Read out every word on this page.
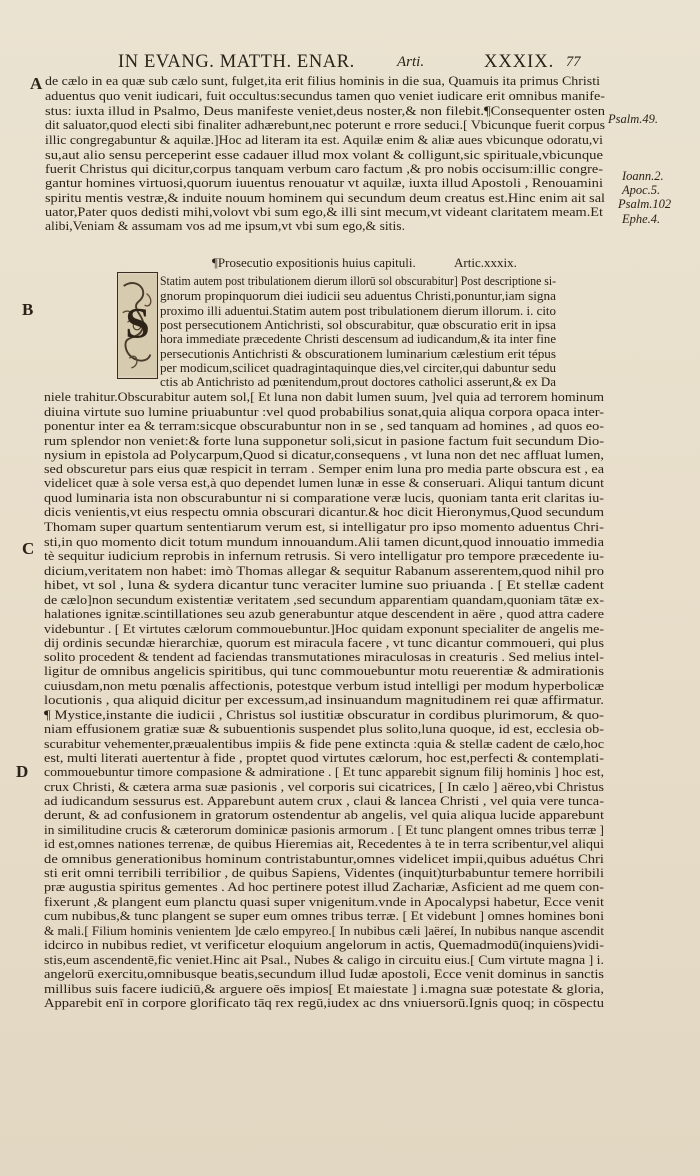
IN EVANG. MATTH. ENAR.	Arti.	XXXIX. 77
A
B
C
D
Psalm.49.
Ioann.2.
Apoc.5.
Psalm.102
Ephe.4.
¶Prosecutio expositionis huius capituli.	Artic.xxxix.
S
de cælo in ea quæ sub cælo sunt, fulget,ita erit filius hominis in die sua, Quamuis ita primus Christi
aduentus quo venit iudicari, fuit occultus:secundus tamen quo veniet iudicare erit omnibus manife-
stus: iuxta illud in Psalmo, Deus manifeste veniet,deus noster,& non filebit.¶Consequenter osten
dit saluator,quod electi sibi finaliter adhærebunt,nec poterunt e rrore seduci.[ Vbicunque fuerit corpus
illic congregabuntur & aquilæ.]Hoc ad literam ita est. Aquilæ enim & aliæ aues vbicunque odoratu,vi
su,aut alio sensu perceperint esse cadauer illud mox volant & colligunt,sic spirituale,vbicunque
fuerit Christus qui dicitur,corpus tanquam verbum caro factum ,& pro nobis occisum:illic congre-
gantur homines virtuosi,quorum iuuentus renouatur vt aquilæ, iuxta illud Apostoli , Renouamini
spiritu mentis vestræ,& induite nouum hominem qui secundum deum creatus est.Hinc enim ait sal
uator,Pater quos dedisti mihi,volovt vbi sum ego,& illi sint mecum,vt videant claritatem meam.Et
alibi,Veniam & assumam vos ad me ipsum,vt vbi sum ego,& sitis.
Statim autem post tribulationem dierum illorū sol obscurabitur] Post descriptione si-
gnorum propinquorum diei iudicii seu aduentus Christi,ponuntur,iam signa
proximo illi aduentui.Statim autem post tribulationem dierum illorum. i. cito
post persecutionem Antichristi, sol obscurabitur, quæ obscuratio erit in ipsa
hora immediate præcedente Christi descensum ad iudicandum,& ita inter fine
persecutionis Antichristi & obscurationem luminarium cælestium erit tépus
per modicum,scilicet quadragintaquinque dies,vel circiter,qui dabuntur sedu
ctis ab Antichristo ad pœnitendum,prout doctores catholici asserunt,& ex Da
niele trahitur.Obscurabitur autem sol,[ Et luna non dabit lumen suum, ]vel quia ad terrorem hominum
diuina virtute suo lumine priuabuntur :vel quod probabilius sonat,quia aliqua corpora opaca inter-
ponentur inter ea & terram:sicque obscurabuntur non in se , sed tanquam ad homines , ad quos eo-
rum splendor non veniet:& forte luna supponetur soli,sicut in pasione factum fuit secundum Dio-
nysium in epistola ad Polycarpum,Quod si dicatur,consequens , vt luna non det nec affluat lumen,
sed obscuretur pars eius quæ respicit in terram . Semper enim luna pro media parte obscura est , ea
videlicet quæ à sole versa est,à quo dependet lumen lunæ in esse & conseruari. Aliqui tantum dicunt
quod luminaria ista non obscurabuntur ni si comparatione veræ lucis, quoniam tanta erit claritas iu-
dicis venientis,vt eius respectu omnia obscurari dicantur.& hoc dicit Hieronymus,Quod secundum
Thomam super quartum sententiarum verum est, si intelligatur pro ipso momento aduentus Chri-
sti,in quo momento dicit totum mundum innouandum.Alii tamen dicunt,quod innouatio immedia
tè sequitur iudicium reprobis in infernum retrusis. Si vero intelligatur pro tempore præcedente iu-
dicium,veritatem non habet: imò Thomas allegar & sequitur Rabanum asserentem,quod nihil pro
hibet, vt sol , luna & sydera dicantur tunc veraciter lumine suo priuanda . [ Et stellæ cadent
de cælo]non secundum existentiæ veritatem ,sed secundum apparentiam quandam,quoniam tātæ ex-
halationes ignitæ.scintillationes seu azub generabuntur atque descendent in aëre , quod attra cadere
videbuntur . [ Et virtutes cælorum commouebuntur.]Hoc quidam exponunt specialiter de angelis me-
dij ordinis secundæ hierarchiæ, quorum est miracula facere , vt tunc dicantur commoueri, qui plus
solito procedent & tendent ad faciendas transmutationes miraculosas in creaturis . Sed melius intel-
ligitur de omnibus angelicis spiritibus, qui tunc commouebuntur motu reuerentiæ & admirationis
cuiusdam,non metu pœnalis affectionis, potestque verbum istud intelligi per modum hyperbolicæ
locutionis , qua aliquid dicitur per excessum,ad insinuandum magnitudinem rei quæ affirmatur.
¶ Mystice,instante die iudicii , Christus sol iustitiæ obscuratur in cordibus plurimorum, & quo-
niam effusionem gratiæ suæ & subuentionis suspendet plus solito,luna quoque, id est, ecclesia ob-
scurabitur vehementer,præualentibus impiis & fide pene extincta :quia & stellæ cadent de cælo,hoc
est, multi literati auertentur à fide , proptet quod virtutes cælorum, hoc est,perfecti & contemplati-
commouebuntur timore compasione & admiratione . [ Et tunc apparebit signum filij hominis ] hoc est,
crux Christi, & cætera arma suæ pasionis , vel corporis sui cicatrices, [ In cælo ] aëreo,vbi Christus
ad iudicandum sessurus est. Apparebunt autem crux , claui & lancea Christi , vel quia vere tunca-
derunt, & ad confusionem in gratorum ostendentur ab angelis, vel quia aliqua lucide apparebunt
in similitudine crucis & cæterorum dominicæ pasionis armorum . [ Et tunc plangent omnes tribus terræ ]
id est,omnes nationes terrenæ, de quibus Hieremias ait, Recedentes à te in terra scribentur,vel aliqui
de omnibus generationibus hominum contristabuntur,omnes videlicet impii,quibus aduétus Chri
sti erit omni terribili terribilior , de quibus Sapiens, Videntes (inquit)turbabuntur temere horribili
præ augustia spiritus gementes . Ad hoc pertinere potest illud Zachariæ, Asficient ad me quem con-
fixerunt ,& plangent eum planctu quasi super vnigenitum.vnde in Apocalypsi habetur, Ecce venit
cum nubibus,& tunc plangent se super eum omnes tribus terræ. [ Et videbunt ] omnes homines boni
& mali.[ Filium hominis venientem ]de cælo empyreo.[ In nubibus cæli ]aëreí, In nubibus nanque ascendit
idcirco in nubibus rediet, vt verificetur eloquium angelorum in actis, Quemadmodū(inquiens)vidi-
stis,eum ascendentē,fic veniet.Hinc ait Psal., Nubes & caligo in circuitu eius.[ Cum virtute magna ] i.
angelorū exercitu,omnibusque beatis,secundum illud Iudæ apostoli, Ecce venit dominus in sanctis
millibus suis facere iudiciū,& arguere oēs impios[ Et maiestate ] i.magna suæ potestate & gloria,
Apparebit enī in corpore glorificato tāq rex regū,iudex ac dns vniuersorū.Ignis quoq; in cōspectu
